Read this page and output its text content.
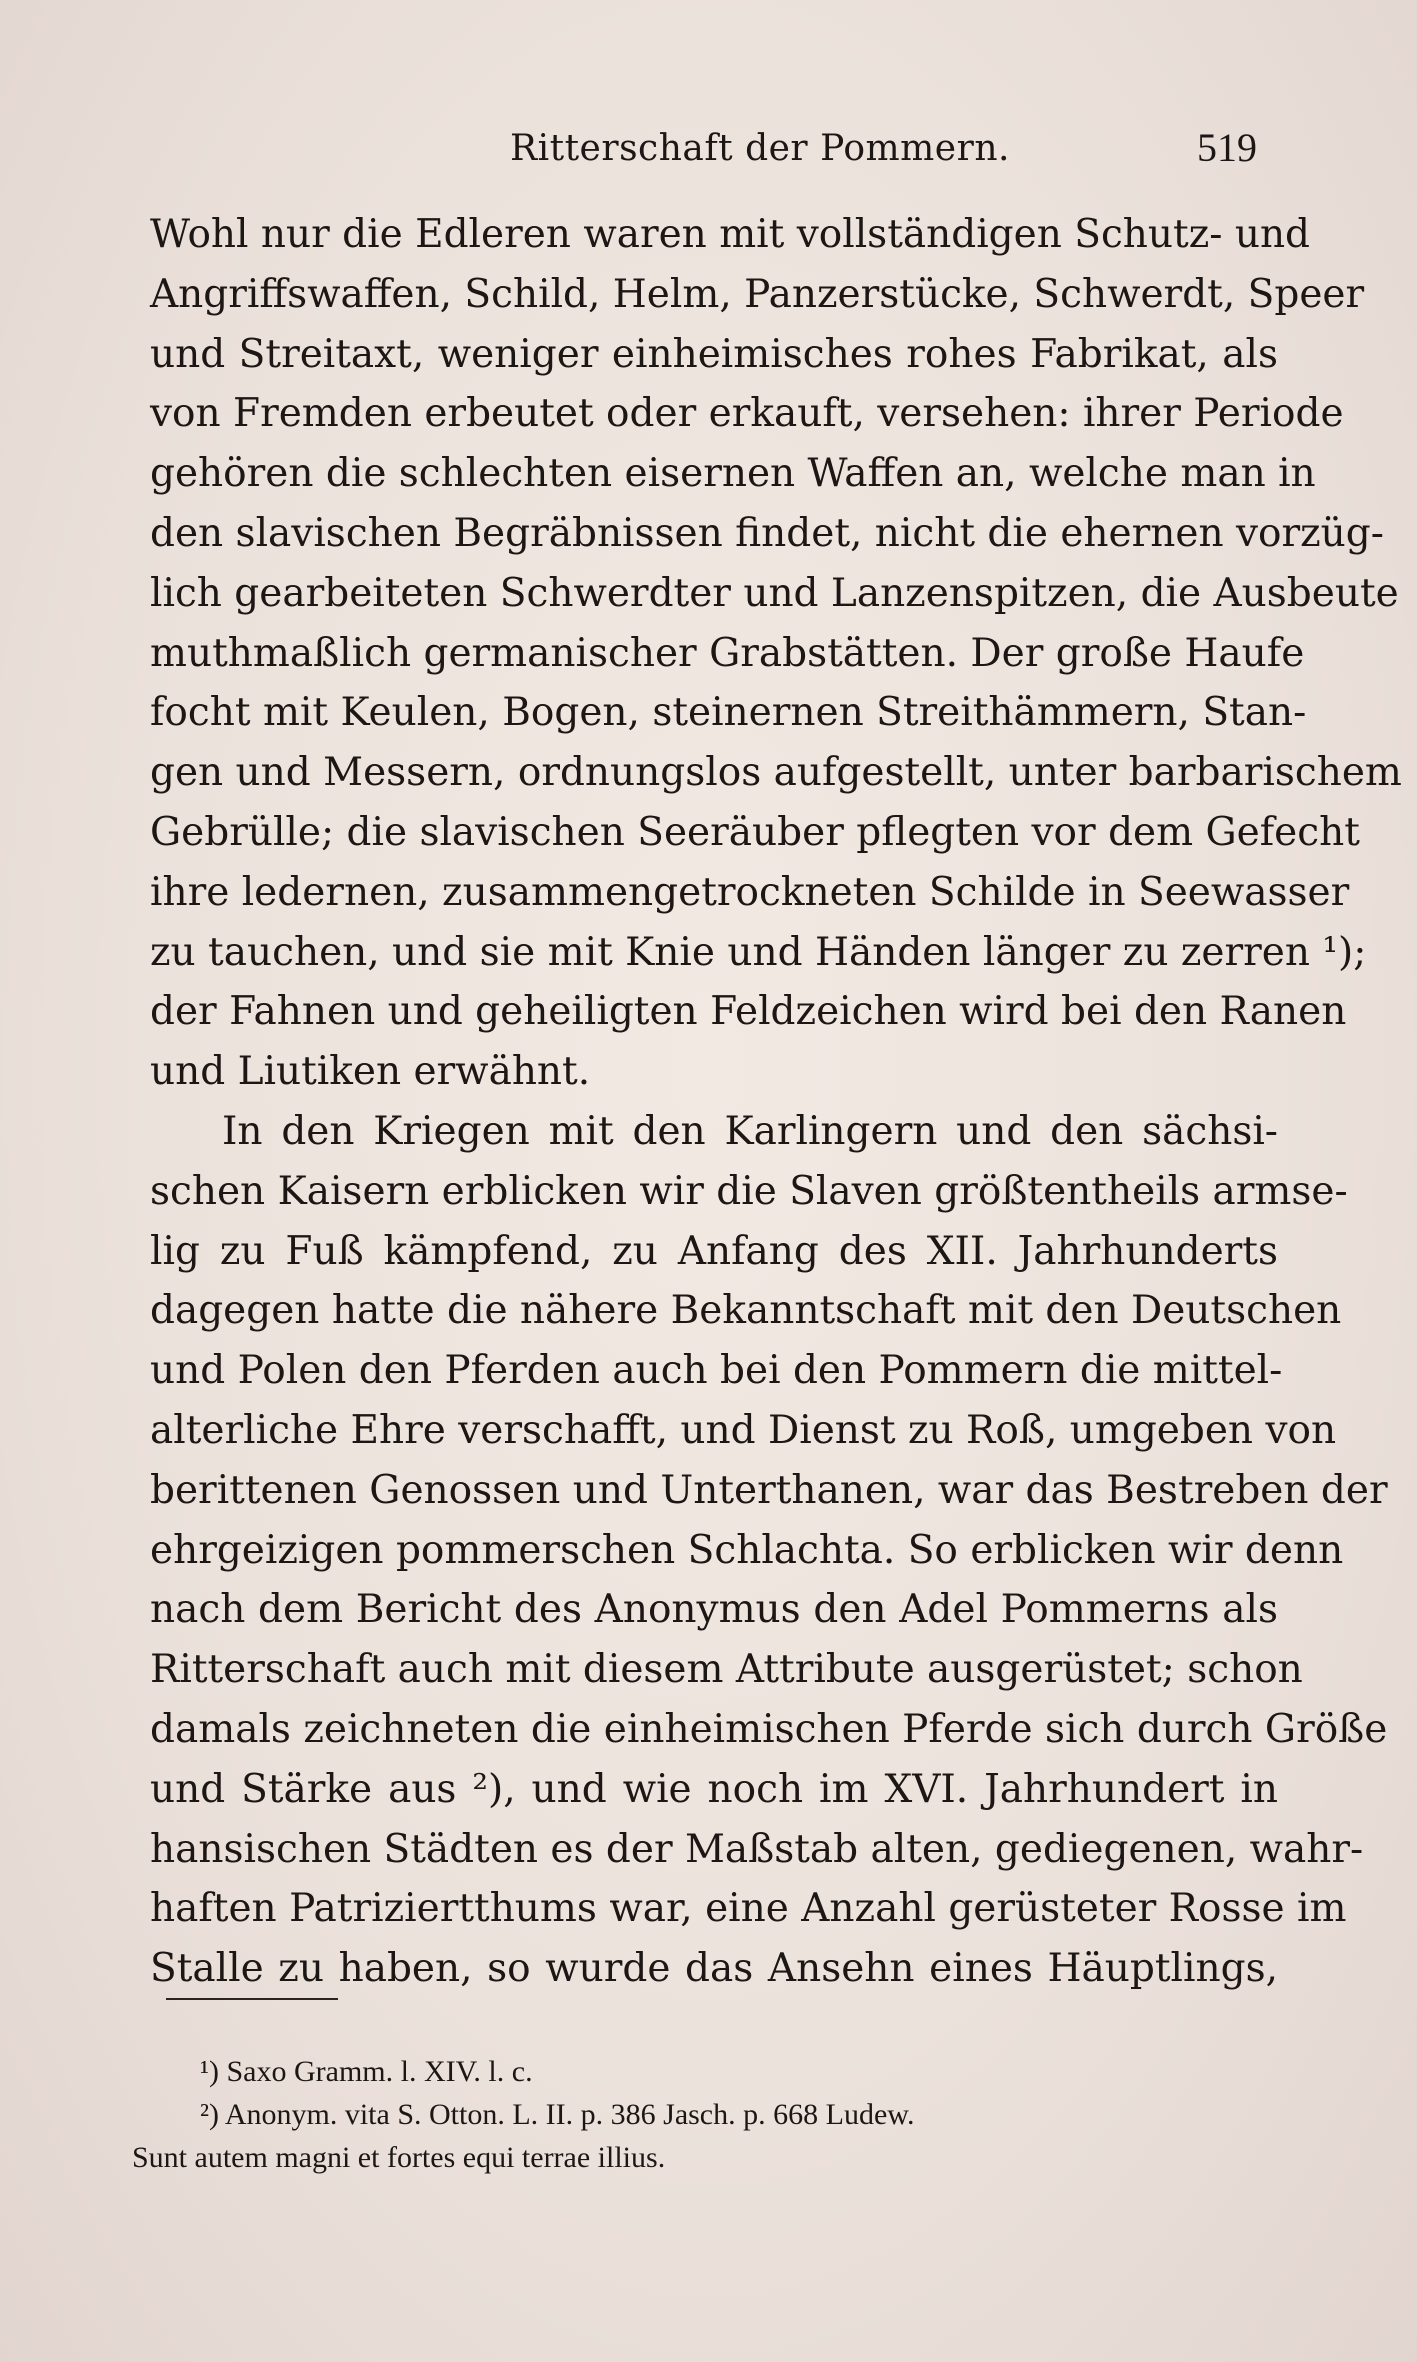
Ritterschaft der Pommern.	519
Wohl nur die Edleren waren mit vollständigen Schutz- und
Angriffswaffen, Schild, Helm, Panzerstücke, Schwerdt, Speer
und Streitaxt, weniger einheimisches rohes Fabrikat, als
von Fremden erbeutet oder erkauft, versehen: ihrer Periode
gehören die schlechten eisernen Waffen an, welche man in
den slavischen Begräbnissen findet, nicht die ehernen vorzüg-
lich gearbeiteten Schwerdter und Lanzenspitzen, die Ausbeute
muthmaßlich germanischer Grabstätten. Der große Haufe
focht mit Keulen, Bogen, steinernen Streithämmern, Stan-
gen und Messern, ordnungslos aufgestellt, unter barbarischem
Gebrülle; die slavischen Seeräuber pflegten vor dem Gefecht
ihre ledernen, zusammengetrockneten Schilde in Seewasser
zu tauchen, und sie mit Knie und Händen länger zu zerren ¹);
der Fahnen und geheiligten Feldzeichen wird bei den Ranen
und Liutiken erwähnt.
In den Kriegen mit den Karlingern und den sächsi-
schen Kaisern erblicken wir die Slaven größtentheils armse-
lig zu Fuß kämpfend, zu Anfang des XII. Jahrhunderts
dagegen hatte die nähere Bekanntschaft mit den Deutschen
und Polen den Pferden auch bei den Pommern die mittel-
alterliche Ehre verschafft, und Dienst zu Roß, umgeben von
berittenen Genossen und Unterthanen, war das Bestreben der
ehrgeizigen pommerschen Schlachta. So erblicken wir denn
nach dem Bericht des Anonymus den Adel Pommerns als
Ritterschaft auch mit diesem Attribute ausgerüstet; schon
damals zeichneten die einheimischen Pferde sich durch Größe
und Stärke aus ²), und wie noch im XVI. Jahrhundert in
hansischen Städten es der Maßstab alten, gediegenen, wahr-
haften Patriziertthums war, eine Anzahl gerüsteter Rosse im
Stalle zu haben, so wurde das Ansehn eines Häuptlings,
¹) Saxo Gramm. l. XIV. l. c.
²) Anonym. vita S. Otton. L. II. p. 386 Jasch. p. 668 Ludew.
Sunt autem magni et fortes equi terrae illius.
